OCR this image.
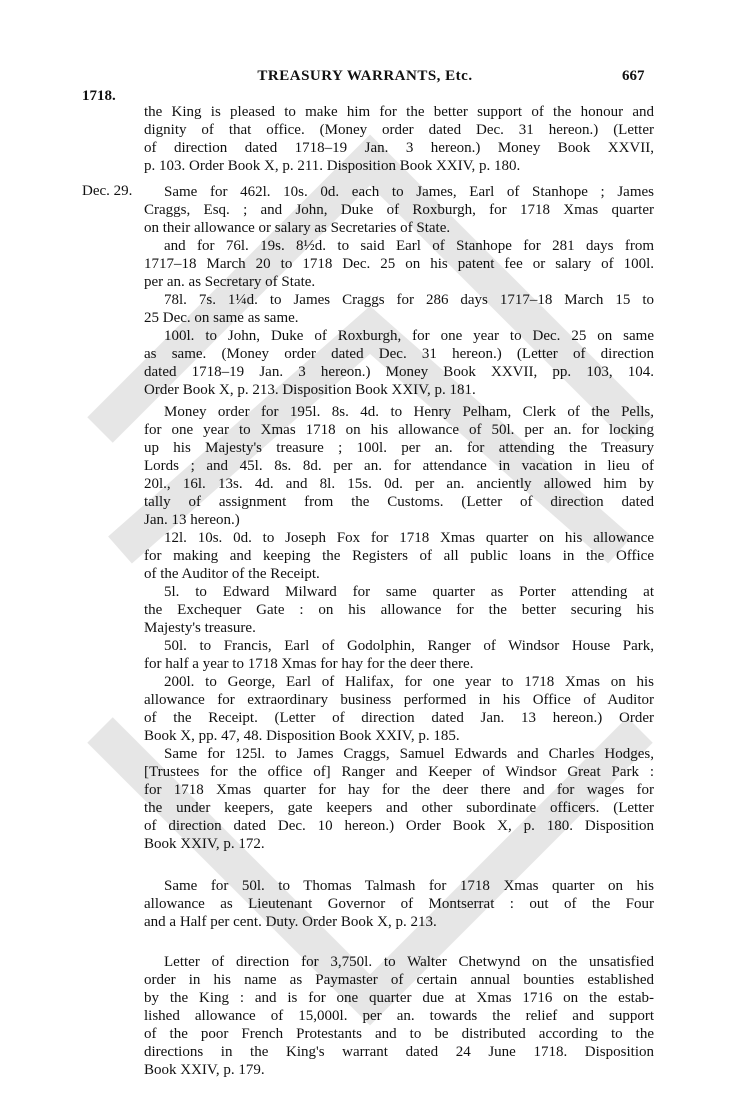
1718.
TREASURY WARRANTS, Etc.	667
Dec. 29.
the King is pleased to make him for the better support of the honour and
dignity of that office. (Money order dated Dec. 31 hereon.) (Letter
of direction dated 1718–19 Jan. 3 hereon.) Money Book XXVII,
p. 103. Order Book X, p. 211. Disposition Book XXIV, p. 180.
Same for 462l. 10s. 0d. each to James, Earl of Stanhope ; James
Craggs, Esq. ; and John, Duke of Roxburgh, for 1718 Xmas quarter
on their allowance or salary as Secretaries of State.
and for 76l. 19s. 8½d. to said Earl of Stanhope for 281 days from
1717–18 March 20 to 1718 Dec. 25 on his patent fee or salary of 100l.
per an. as Secretary of State.
78l. 7s. 1¼d. to James Craggs for 286 days 1717–18 March 15 to
25 Dec. on same as same.
100l. to John, Duke of Roxburgh, for one year to Dec. 25 on same
as same. (Money order dated Dec. 31 hereon.) (Letter of direction
dated 1718–19 Jan. 3 hereon.) Money Book XXVII, pp. 103, 104.
Order Book X, p. 213. Disposition Book XXIV, p. 181.
Money order for 195l. 8s. 4d. to Henry Pelham, Clerk of the Pells,
for one year to Xmas 1718 on his allowance of 50l. per an. for locking
up his Majesty's treasure ; 100l. per an. for attending the Treasury
Lords ; and 45l. 8s. 8d. per an. for attendance in vacation in lieu of
20l., 16l. 13s. 4d. and 8l. 15s. 0d. per an. anciently allowed him by
tally of assignment from the Customs. (Letter of direction dated
Jan. 13 hereon.)
12l. 10s. 0d. to Joseph Fox for 1718 Xmas quarter on his allowance
for making and keeping the Registers of all public loans in the Office
of the Auditor of the Receipt.
5l. to Edward Milward for same quarter as Porter attending at
the Exchequer Gate : on his allowance for the better securing his
Majesty's treasure.
50l. to Francis, Earl of Godolphin, Ranger of Windsor House Park,
for half a year to 1718 Xmas for hay for the deer there.
200l. to George, Earl of Halifax, for one year to 1718 Xmas on his
allowance for extraordinary business performed in his Office of Auditor
of the Receipt. (Letter of direction dated Jan. 13 hereon.) Order
Book X, pp. 47, 48. Disposition Book XXIV, p. 185.
Same for 125l. to James Craggs, Samuel Edwards and Charles Hodges,
[Trustees for the office of] Ranger and Keeper of Windsor Great Park :
for 1718 Xmas quarter for hay for the deer there and for wages for
the under keepers, gate keepers and other subordinate officers. (Letter
of direction dated Dec. 10 hereon.) Order Book X, p. 180. Disposition
Book XXIV, p. 172.
Same for 50l. to Thomas Talmash for 1718 Xmas quarter on his
allowance as Lieutenant Governor of Montserrat : out of the Four
and a Half per cent. Duty. Order Book X, p. 213.
Letter of direction for 3,750l. to Walter Chetwynd on the unsatisfied
order in his name as Paymaster of certain annual bounties established
by the King : and is for one quarter due at Xmas 1716 on the estab-
lished allowance of 15,000l. per an. towards the relief and support
of the poor French Protestants and to be distributed according to the
directions in the King's warrant dated 24 June 1718. Disposition
Book XXIV, p. 179.
